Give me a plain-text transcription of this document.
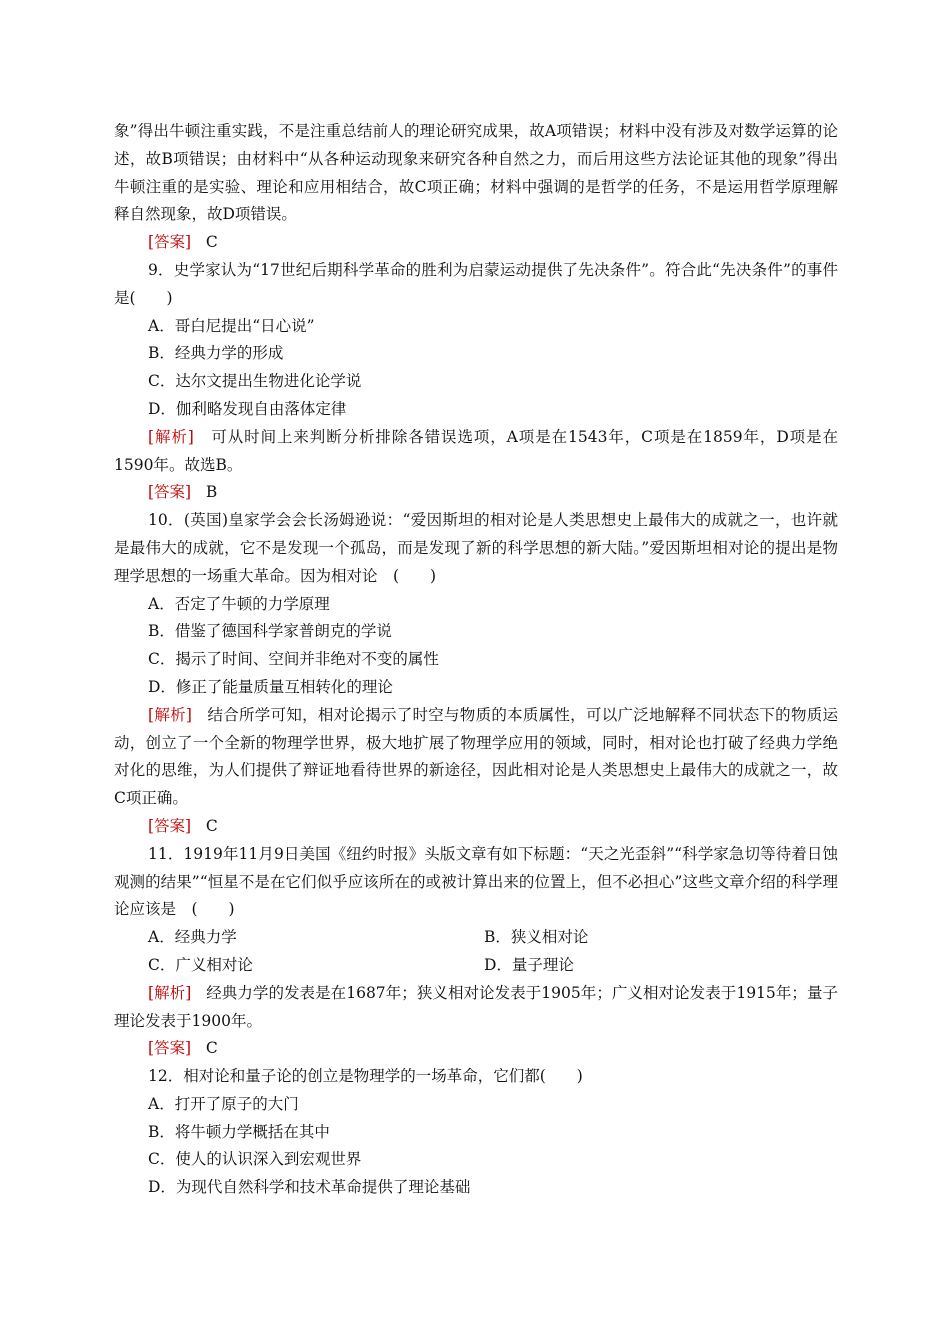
象”得出牛顿注重实践，不是注重总结前人的理论研究成果，故A项错误；材料中没有涉及对数学运算的论述，故B项错误；由材料中“从各种运动现象来研究各种自然之力，而后用这些方法论证其他的现象”得出牛顿注重的是实验、理论和应用相结合，故C项正确；材料中强调的是哲学的任务，不是运用哲学原理解释自然现象，故D项错误。

[答案] C

9．史学家认为“17世纪后期科学革命的胜利为启蒙运动提供了先决条件”。符合此“先决条件”的事件是(　　)

A．哥白尼提出“日心说”

B．经典力学的形成

C．达尔文提出生物进化论学说

D．伽利略发现自由落体定律

[解析] 可从时间上来判断分析排除各错误选项，A项是在1543年，C项是在1859年，D项是在1590年。故选B。

[答案] B

10．(英国)皇家学会会长汤姆逊说：“爱因斯坦的相对论是人类思想史上最伟大的成就之一，也许就是最伟大的成就，它不是发现一个孤岛，而是发现了新的科学思想的新大陆。”爱因斯坦相对论的提出是物理学思想的一场重大革命。因为相对论　(　　)

A．否定了牛顿的力学原理

B．借鉴了德国科学家普朗克的学说

C．揭示了时间、空间并非绝对不变的属性

D．修正了能量质量互相转化的理论

[解析] 结合所学可知，相对论揭示了时空与物质的本质属性，可以广泛地解释不同状态下的物质运动，创立了一个全新的物理学世界，极大地扩展了物理学应用的领域，同时，相对论也打破了经典力学绝对化的思维，为人们提供了辩证地看待世界的新途径，因此相对论是人类思想史上最伟大的成就之一，故C项正确。

[答案] C

11．1919年11月9日美国《纽约时报》头版文章有如下标题：“天之光歪斜”“科学家急切等待着日蚀观测的结果”“恒星不是在它们似乎应该所在的或被计算出来的位置上，但不必担心”这些文章介绍的科学理论应该是　(　　)

A．经典力学	B．狭义相对论
C．广义相对论	D．量子理论

[解析] 经典力学的发表是在1687年；狭义相对论发表于1905年；广义相对论发表于1915年；量子理论发表于1900年。

[答案] C

12．相对论和量子论的创立是物理学的一场革命，它们都(　　)

A．打开了原子的大门

B．将牛顿力学概括在其中

C．使人的认识深入到宏观世界

D．为现代自然科学和技术革命提供了理论基础
